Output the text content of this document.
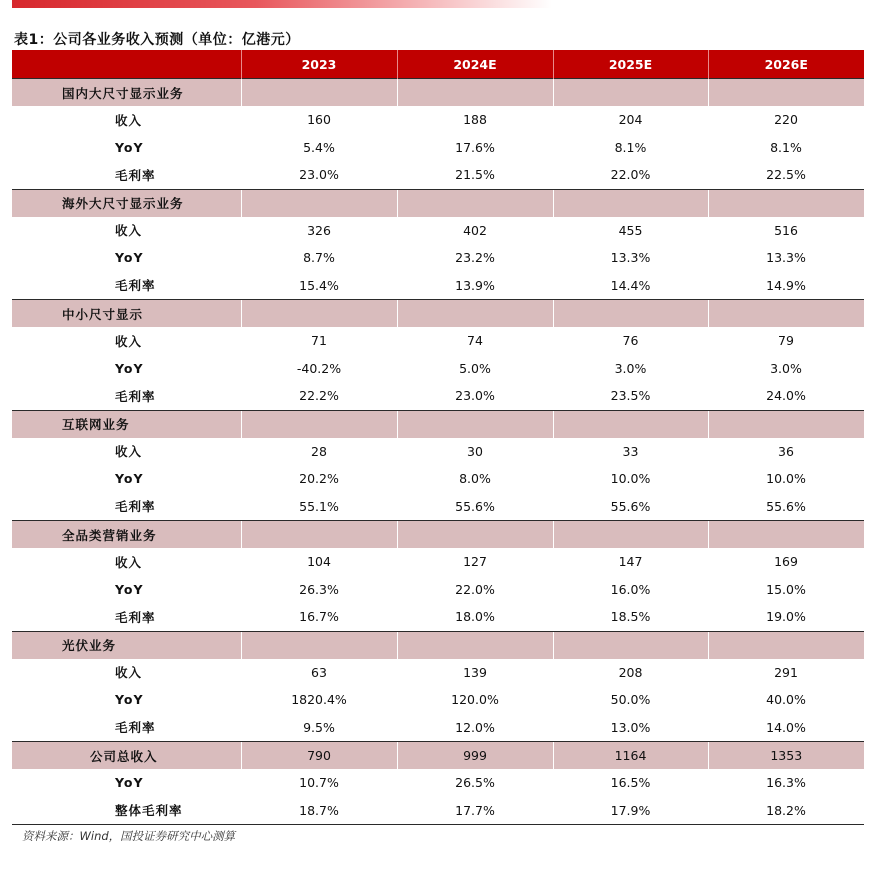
表1：公司各业务收入预测（单位：亿港元）
	2023	2024E	2025E	2026E
国内大尺寸显示业务				
收入	160	188	204	220
YoY	5.4%	17.6%	8.1%	8.1%
毛利率	23.0%	21.5%	22.0%	22.5%
海外大尺寸显示业务				
收入	326	402	455	516
YoY	8.7%	23.2%	13.3%	13.3%
毛利率	15.4%	13.9%	14.4%	14.9%
中小尺寸显示				
收入	71	74	76	79
YoY	-40.2%	5.0%	3.0%	3.0%
毛利率	22.2%	23.0%	23.5%	24.0%
互联网业务				
收入	28	30	33	36
YoY	20.2%	8.0%	10.0%	10.0%
毛利率	55.1%	55.6%	55.6%	55.6%
全品类营销业务				
收入	104	127	147	169
YoY	26.3%	22.0%	16.0%	15.0%
毛利率	16.7%	18.0%	18.5%	19.0%
光伏业务				
收入	63	139	208	291
YoY	1820.4%	120.0%	50.0%	40.0%
毛利率	9.5%	12.0%	13.0%	14.0%
公司总收入	790	999	1164	1353
YoY	10.7%	26.5%	16.5%	16.3%
整体毛利率	18.7%	17.7%	17.9%	18.2%
资料来源：Wind，国投证券研究中心测算
